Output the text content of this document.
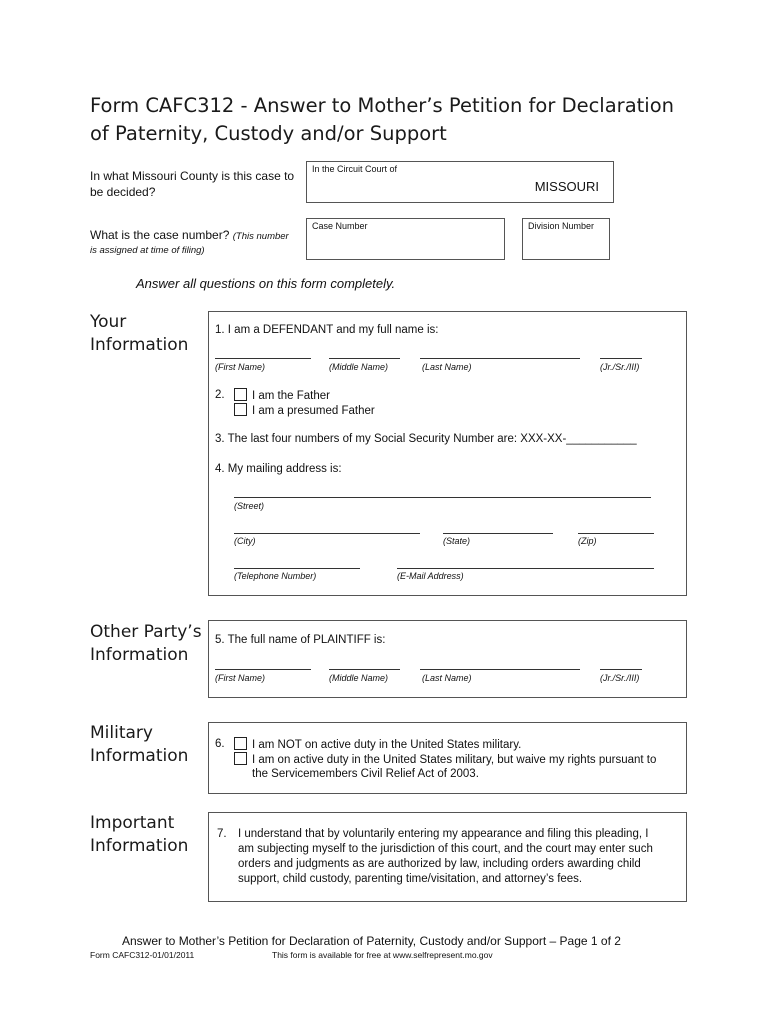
Form CAFC312 - Answer to Mother’s Petition for Declaration
of Paternity, Custody and/or Support
In what Missouri County is this case to
be decided?
In the Circuit Court of
MISSOURI
What is the case number? (This number
is assigned at time of filing)
Case Number	Division Number
Answer all questions on this form completely.
Your
Information
1. I am a DEFENDANT and my full name is:
(First Name)	(Middle Name)	(Last Name)	(Jr./Sr./III)
2.	I am the Father
I am a presumed Father
3. The last four numbers of my Social Security Number are: XXX-XX-___________
4. My mailing address is:
(Street)
(City)	(State)	(Zip)
(Telephone Number)	(E-Mail Address)
Other Party’s
Information
5. The full name of PLAINTIFF is:
(First Name)	(Middle Name)	(Last Name)	(Jr./Sr./III)
Military
Information
6.	I am NOT on active duty in the United States military.
I am on active duty in the United States military, but waive my rights pursuant to
the Servicemembers Civil Relief Act of 2003.
Important
Information
7. I understand that by voluntarily entering my appearance and filing this pleading, I
am subjecting myself to the jurisdiction of this court, and the court may enter such
orders and judgments as are authorized by law, including orders awarding child
support, child custody, parenting time/visitation, and attorney’s fees.
Answer to Mother’s Petition for Declaration of Paternity, Custody and/or Support – Page 1 of 2
Form CAFC312-01/01/2011	This form is available for free at www.selfrepresent.mo.gov
